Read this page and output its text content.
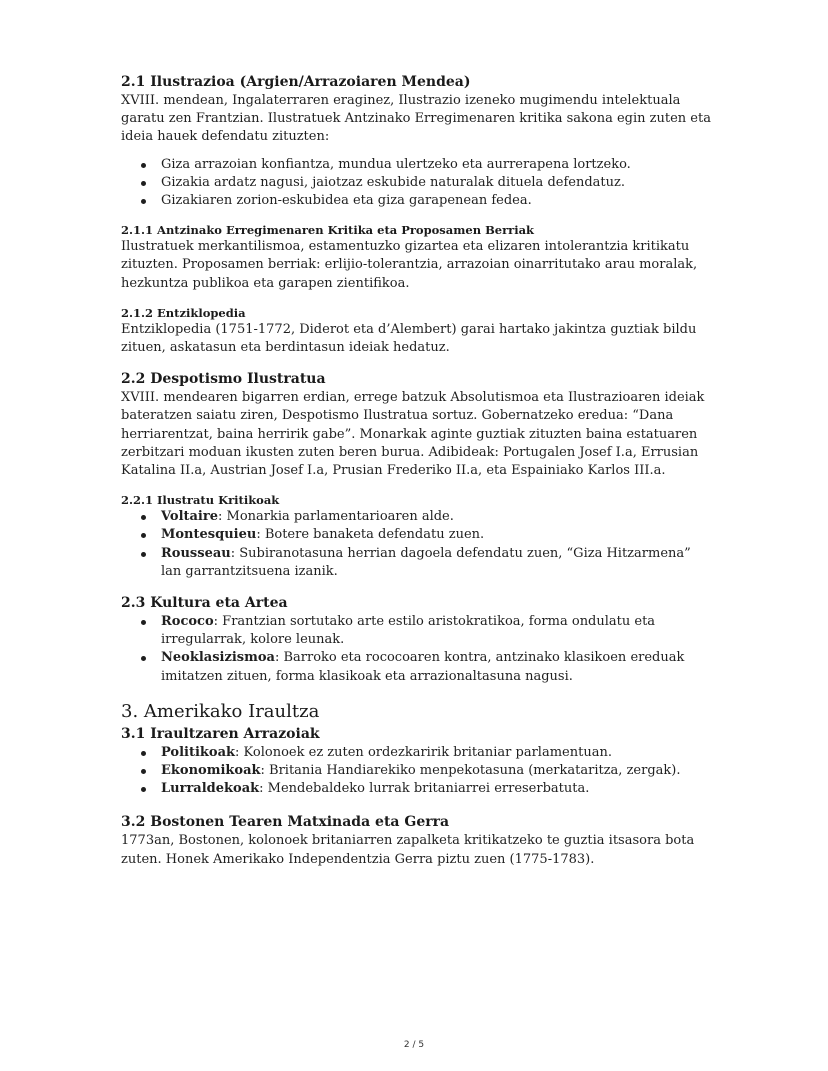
2.1 Ilustrazioa (Argien/Arrazoiaren Mendea)

XVIII. mendean, Ingalaterraren eraginez, Ilustrazio izeneko mugimendu intelektuala garatu zen Frantzian. Ilustratuek Antzinako Erregimenaren kritika sakona egin zuten eta ideia hauek defendatu zituzten:

Giza arrazoian konfiantza, mundua ulertzeko eta aurrerapena lortzeko.
Gizakia ardatz nagusi, jaiotzaz eskubide naturalak dituela defendatuz.
Gizakiaren zorion-eskubidea eta giza garapenean fedea.
2.1.1 Antzinako Erregimenaren Kritika eta Proposamen Berriak

Ilustratuek merkantilismoa, estamentuzko gizartea eta elizaren intolerantzia kritikatu zituzten. Proposamen berriak: erlijio-tolerantzia, arrazoian oinarritutako arau moralak, hezkuntza publikoa eta garapen zientifikoa.

2.1.2 Entziklopedia

Entziklopedia (1751-1772, Diderot eta d’Alembert) garai hartako jakintza guztiak bildu zituen, askatasun eta berdintasun ideiak hedatuz.

2.2 Despotismo Ilustratua

XVIII. mendearen bigarren erdian, errege batzuk Absolutismoa eta Ilustrazioaren ideiak bateratzen saiatu ziren, Despotismo Ilustratua sortuz. Gobernatzeko eredua: “Dana herriarentzat, baina herririk gabe”. Monarkak aginte guztiak zituzten baina estatuaren zerbitzari moduan ikusten zuten beren burua. Adibideak: Portugalen Josef I.a, Errusian Katalina II.a, Austrian Josef I.a, Prusian Frederiko II.a, eta Espainiako Karlos III.a.

2.2.1 Ilustratu Kritikoak
Voltaire: Monarkia parlamentarioaren alde.
Montesquieu: Botere banaketa defendatu zuen.
Rousseau: Subiranotasuna herrian dagoela defendatu zuen, “Giza Hitzarmena” lan garrantzitsuena izanik.
2.3 Kultura eta Artea
Rococo: Frantzian sortutako arte estilo aristokratikoa, forma ondulatu eta irregularrak, kolore leunak.
Neoklasizismoa: Barroko eta rococoaren kontra, antzinako klasikoen ereduak imitatzen zituen, forma klasikoak eta arrazionaltasuna nagusi.
3. Amerikako Iraultza
3.1 Iraultzaren Arrazoiak
Politikoak: Kolonoek ez zuten ordezkaririk britaniar parlamentuan.
Ekonomikoak: Britania Handiarekiko menpekotasuna (merkataritza, zergak).
Lurraldekoak: Mendebaldeko lurrak britaniarrei erreserbatuta.
3.2 Bostonen Tearen Matxinada eta Gerra

1773an, Bostonen, kolonoek britaniarren zapalketa kritikatzeko te guztia itsasora bota zuten. Honek Amerikako Independentzia Gerra piztu zuen (1775-1783).

2 / 5
